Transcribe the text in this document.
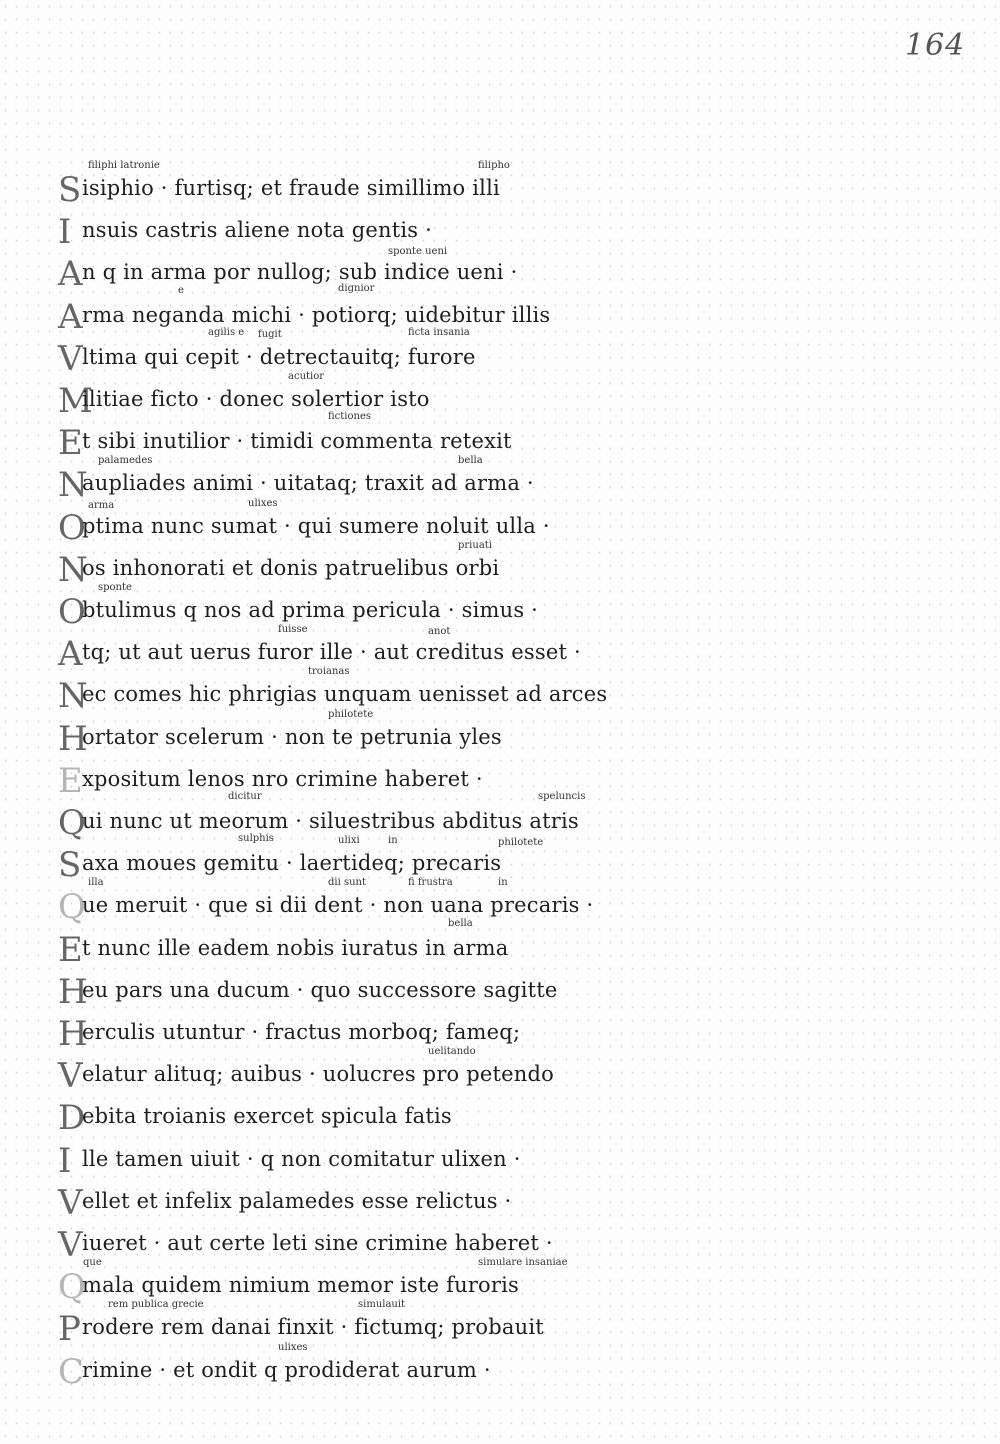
164
S isiphio · furtisq; et fraude simillimo illi
filiphi latronie	filipho
I nsuis castris aliene nota gentis ·
A n q in arma por nullog; sub indice ueni ·
sponte ueni
A rma neganda michi · potiorq; uidebitur illis
e	dignior
V ltima qui cepit · detrectauitq; furore
agilis e fugit	ficta insania
M
ilitiae ficto · donec solertior isto
acutior
E t sibi inutilior · timidi commenta retexit
fictiones
N
aupliades animi · uitataq; traxit ad arma ·
palamedes	bella
O
ptima nunc sumat · qui sumere noluit ulla ·
arma	ulixes
N
os inhonorati et donis patruelibus orbi
priuati
O
btulimus q nos ad prima pericula · simus ·
sponte
A tq; ut aut uerus furor ille · aut creditus esset ·
fuisse	anot
N
ec comes hic phrigias unquam uenisset ad arces
troianas
H
ortator scelerum · non te petrunia yles
philotete
E xpositum lenos nro crimine haberet ·
Q
ui nunc ut meorum · siluestribus abditus atris
dicitur	speluncis
S axa moues gemitu · laertideq; precaris
sulphis	ulixi	in	philotete
Q
ue meruit · que si dii dent · non uana precaris ·
illa	dii sunt	fi frustra	in
E t nunc ille eadem nobis iuratus in arma
bella
H
eu pars una ducum · quo successore sagitte
H
erculis utuntur · fractus morboq; fameq;
V elatur alituq; auibus · uolucres pro petendo
uelitando
D
ebita troianis exercet spicula fatis
I lle tamen uiuit · q non comitatur ulixen ·
V ellet et infelix palamedes esse relictus ·
V iueret · aut certe leti sine crimine haberet ·
Q
mala quidem nimium memor iste furoris
que	simulare insaniae
P rodere rem danai finxit · fictumq; probauit
rem publica grecie	simulauit
C
rimine · et ondit q prodiderat aurum ·
ulixes
